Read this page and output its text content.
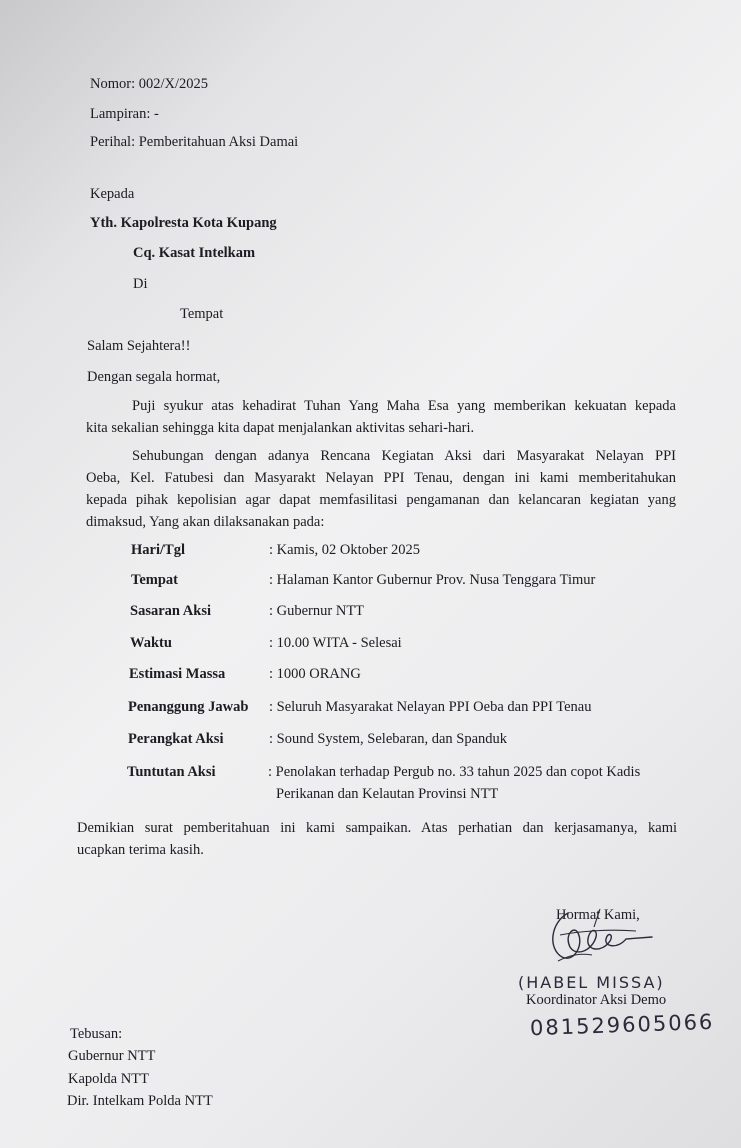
Nomor: 002/X/2025
Lampiran: -
Perihal: Pemberitahuan Aksi Damai
Kepada
Yth. Kapolresta Kota Kupang
Cq. Kasat Intelkam
Di
Tempat
Salam Sejahtera!!
Dengan segala hormat,
Puji syukur atas kehadirat Tuhan Yang Maha Esa yang memberikan kekuatan kepada
kita sekalian sehingga kita dapat menjalankan aktivitas sehari-hari.
Sehubungan dengan adanya Rencana Kegiatan Aksi dari Masyarakat Nelayan PPI
Oeba, Kel. Fatubesi dan Masyarakt Nelayan PPI Tenau, dengan ini kami memberitahukan
kepada pihak kepolisian agar dapat memfasilitasi pengamanan dan kelancaran kegiatan yang
dimaksud, Yang akan dilaksanakan pada:
Hari/Tgl	: Kamis, 02 Oktober 2025
Tempat	: Halaman Kantor Gubernur Prov. Nusa Tenggara Timur
Sasaran Aksi	: Gubernur NTT
Waktu	: 10.00 WITA - Selesai
Estimasi Massa	: 1000 ORANG
Penanggung Jawab : Seluruh Masyarakat Nelayan PPI Oeba dan PPI Tenau
Perangkat Aksi	: Sound System, Selebaran, dan Spanduk
Tuntutan Aksi	: Penolakan terhadap Pergub no. 33 tahun 2025 dan copot Kadis
Perikanan dan Kelautan Provinsi NTT
Demikian surat pemberitahuan ini kami sampaikan. Atas perhatian dan kerjasamanya, kami
ucapkan terima kasih.
Hormat Kami,
(HABEL MISSA)
Koordinator Aksi Demo
081529605066
Tebusan:
Gubernur NTT
Kapolda NTT
Dir. Intelkam Polda NTT
